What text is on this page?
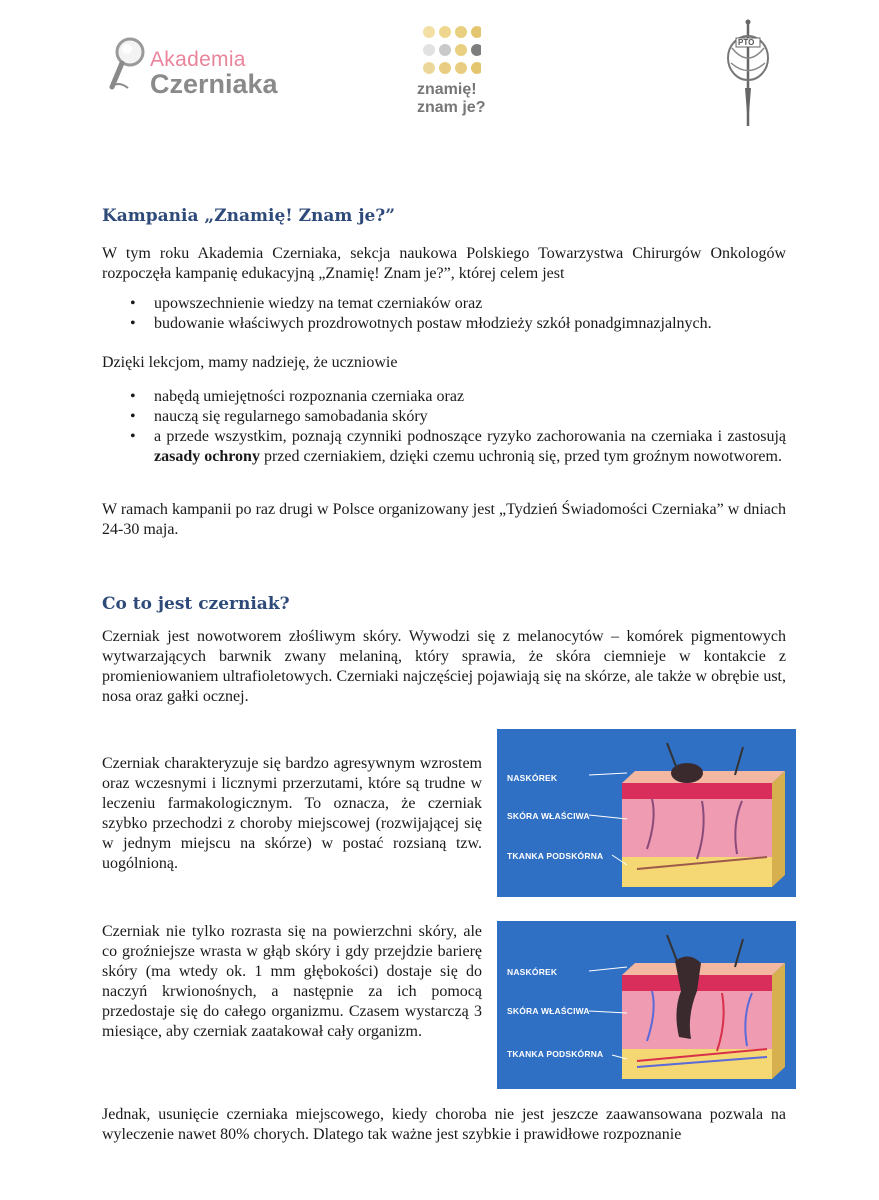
Akademia
Czerniaka	znamię!
znam je?
PTO
Kampania „Znamię! Znam je?”

W tym roku Akademia Czerniaka, sekcja naukowa Polskiego Towarzystwa Chirurgów Onkologów rozpoczęła kampanię edukacyjną „Znamię! Znam je?”, której celem jest

• upowszechnienie wiedzy na temat czerniaków oraz
• budowanie właściwych prozdrowotnych postaw młodzieży szkół ponadgimnazjalnych.

Dzięki lekcjom, mamy nadzieję, że uczniowie

• nabędą umiejętności rozpoznania czerniaka oraz
• nauczą się regularnego samobadania skóry
• a przede wszystkim, poznają czynniki podnoszące ryzyko zachorowania na czerniaka i zastosują zasady ochrony przed czerniakiem, dzięki czemu uchronią się, przed tym groźnym nowotworem.

W ramach kampanii po raz drugi w Polsce organizowany jest „Tydzień Świadomości Czerniaka” w dniach 24-30 maja.

Co to jest czerniak?

Czerniak jest nowotworem złośliwym skóry. Wywodzi się z melanocytów – komórek pigmentowych wytwarzających barwnik zwany melaniną, który sprawia, że skóra ciemnieje w kontakcie z promieniowaniem ultrafioletowych. Czerniaki najczęściej pojawiają się na skórze, ale także w obrębie ust, nosa oraz gałki ocznej.

Czerniak charakteryzuje się bardzo agresywnym wzrostem oraz wczesnymi i licznymi przerzutami, które są trudne w leczeniu farmakologicznym. To oznacza, że czerniak szybko przechodzi z choroby miejscowej (rozwijającej się w jednym miejscu na skórze) w postać rozsianą tzw. uogólnioną.

Czerniak nie tylko rozrasta się na powierzchni skóry, ale co groźniejsze wrasta w głąb skóry i gdy przejdzie barierę skóry (ma wtedy ok. 1 mm głębokości) dostaje się do naczyń krwionośnych, a następnie za ich pomocą przedostaje się do całego organizmu. Czasem wystarczą 3 miesiące, aby czerniak zaatakował cały organizm.

Jednak, usunięcie czerniaka miejscowego, kiedy choroba nie jest jeszcze zaawansowana pozwala na wyleczenie nawet 80% chorych. Dlatego tak ważne jest szybkie i prawidłowe rozpoznanie

NASKÓREK
SKÓRA WŁAŚCIWA
TKANKA PODSKÓRNA
NASKÓREK
SKÓRA WŁAŚCIWA
TKANKA PODSKÓRNA
